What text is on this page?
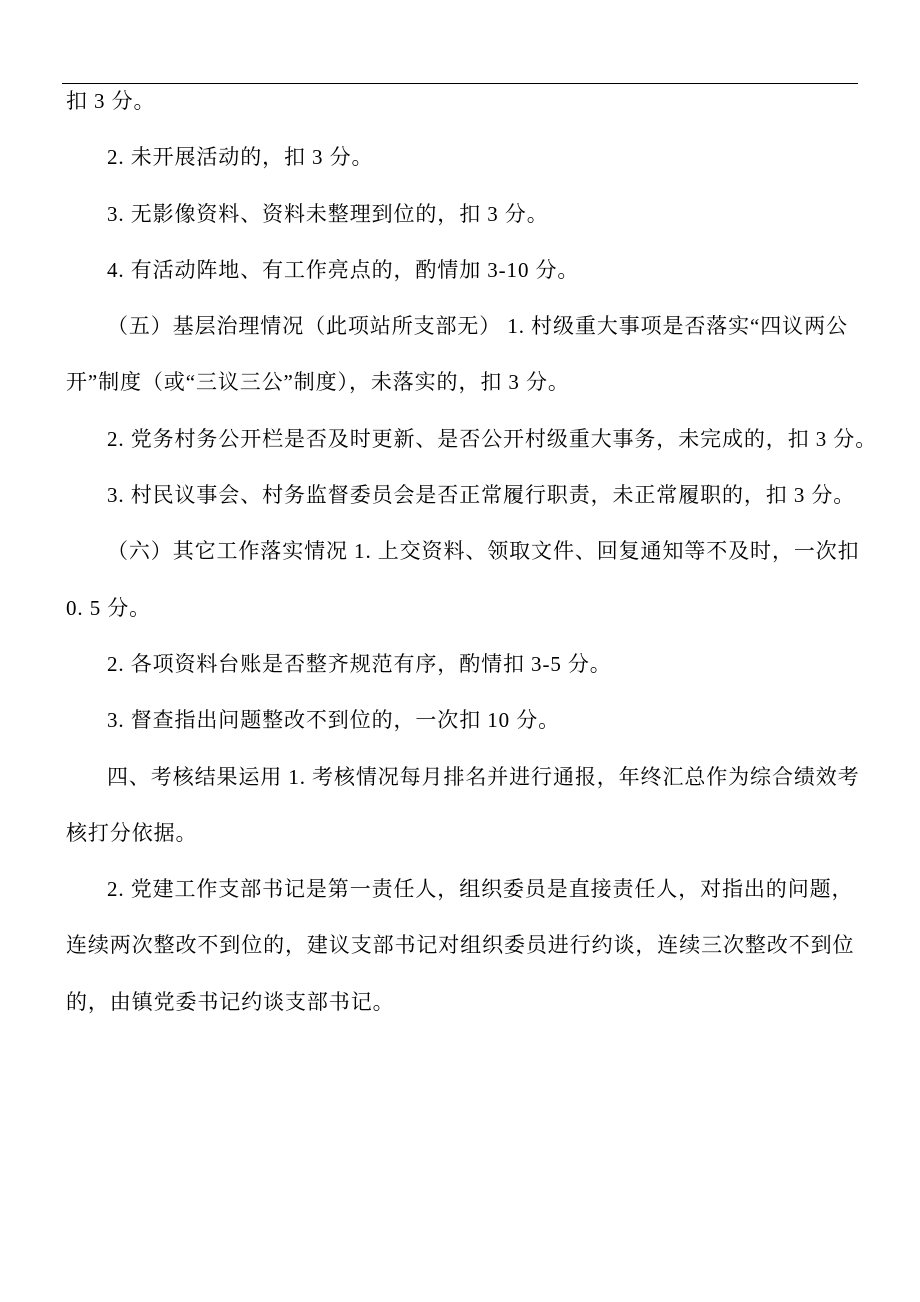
扣 3 分。
2. 未开展活动的，扣 3 分。
3. 无影像资料、资料未整理到位的，扣 3 分。
4. 有活动阵地、有工作亮点的，酌情加 3-10 分。
（五）基层治理情况（此项站所支部无） 1. 村级重大事项是否落实“四议两公
开”制度（或“三议三公”制度），未落实的，扣 3 分。
2. 党务村务公开栏是否及时更新、是否公开村级重大事务，未完成的，扣 3 分。
3. 村民议事会、村务监督委员会是否正常履行职责，未正常履职的，扣 3 分。
（六）其它工作落实情况 1. 上交资料、领取文件、回复通知等不及时，一次扣
0. 5 分。
2. 各项资料台账是否整齐规范有序，酌情扣 3-5 分。
3. 督查指出问题整改不到位的，一次扣 10 分。
四、考核结果运用 1. 考核情况每月排名并进行通报，年终汇总作为综合绩效考
核打分依据。
2. 党建工作支部书记是第一责任人，组织委员是直接责任人，对指出的问题，
连续两次整改不到位的，建议支部书记对组织委员进行约谈，连续三次整改不到位
的，由镇党委书记约谈支部书记。
